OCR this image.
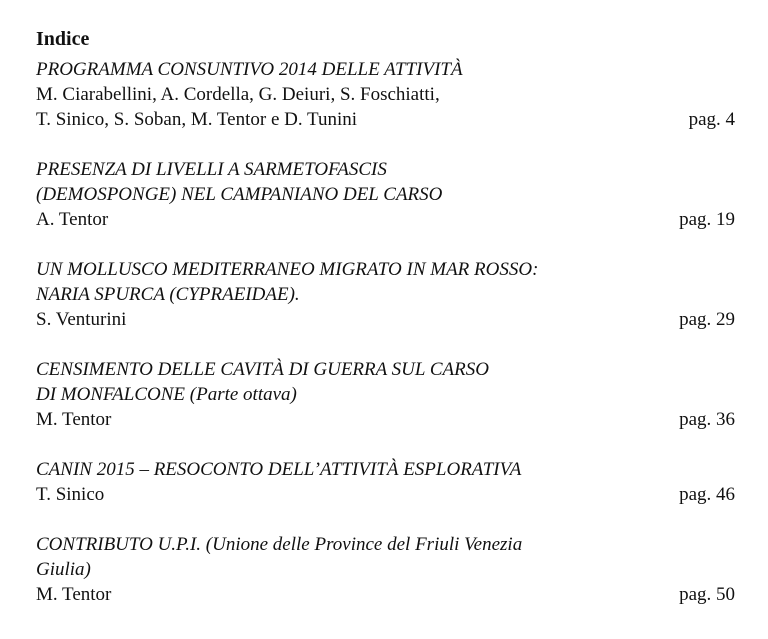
Indice
PROGRAMMA CONSUNTIVO 2014 DELLE ATTIVITÀ
M. Ciarabellini, A. Cordella, G. Deiuri, S. Foschiatti,
T. Sinico, S. Soban, M. Tentor e D. Tunini	pag. 4
PRESENZA DI LIVELLI A SARMETOFASCIS
(DEMOSPONGE) NEL CAMPANIANO DEL CARSO
A. Tentor	pag. 19
UN MOLLUSCO MEDITERRANEO MIGRATO IN MAR ROSSO:
NARIA SPURCA (CYPRAEIDAE).
S. Venturini	pag. 29
CENSIMENTO DELLE CAVITÀ DI GUERRA SUL CARSO
DI MONFALCONE (Parte ottava)
M. Tentor	pag. 36
CANIN 2015 – RESOCONTO DELL’ATTIVITÀ ESPLORATIVA
T. Sinico	pag. 46
CONTRIBUTO U.P.I. (Unione delle Province del Friuli Venezia
Giulia)
M. Tentor	pag. 50
